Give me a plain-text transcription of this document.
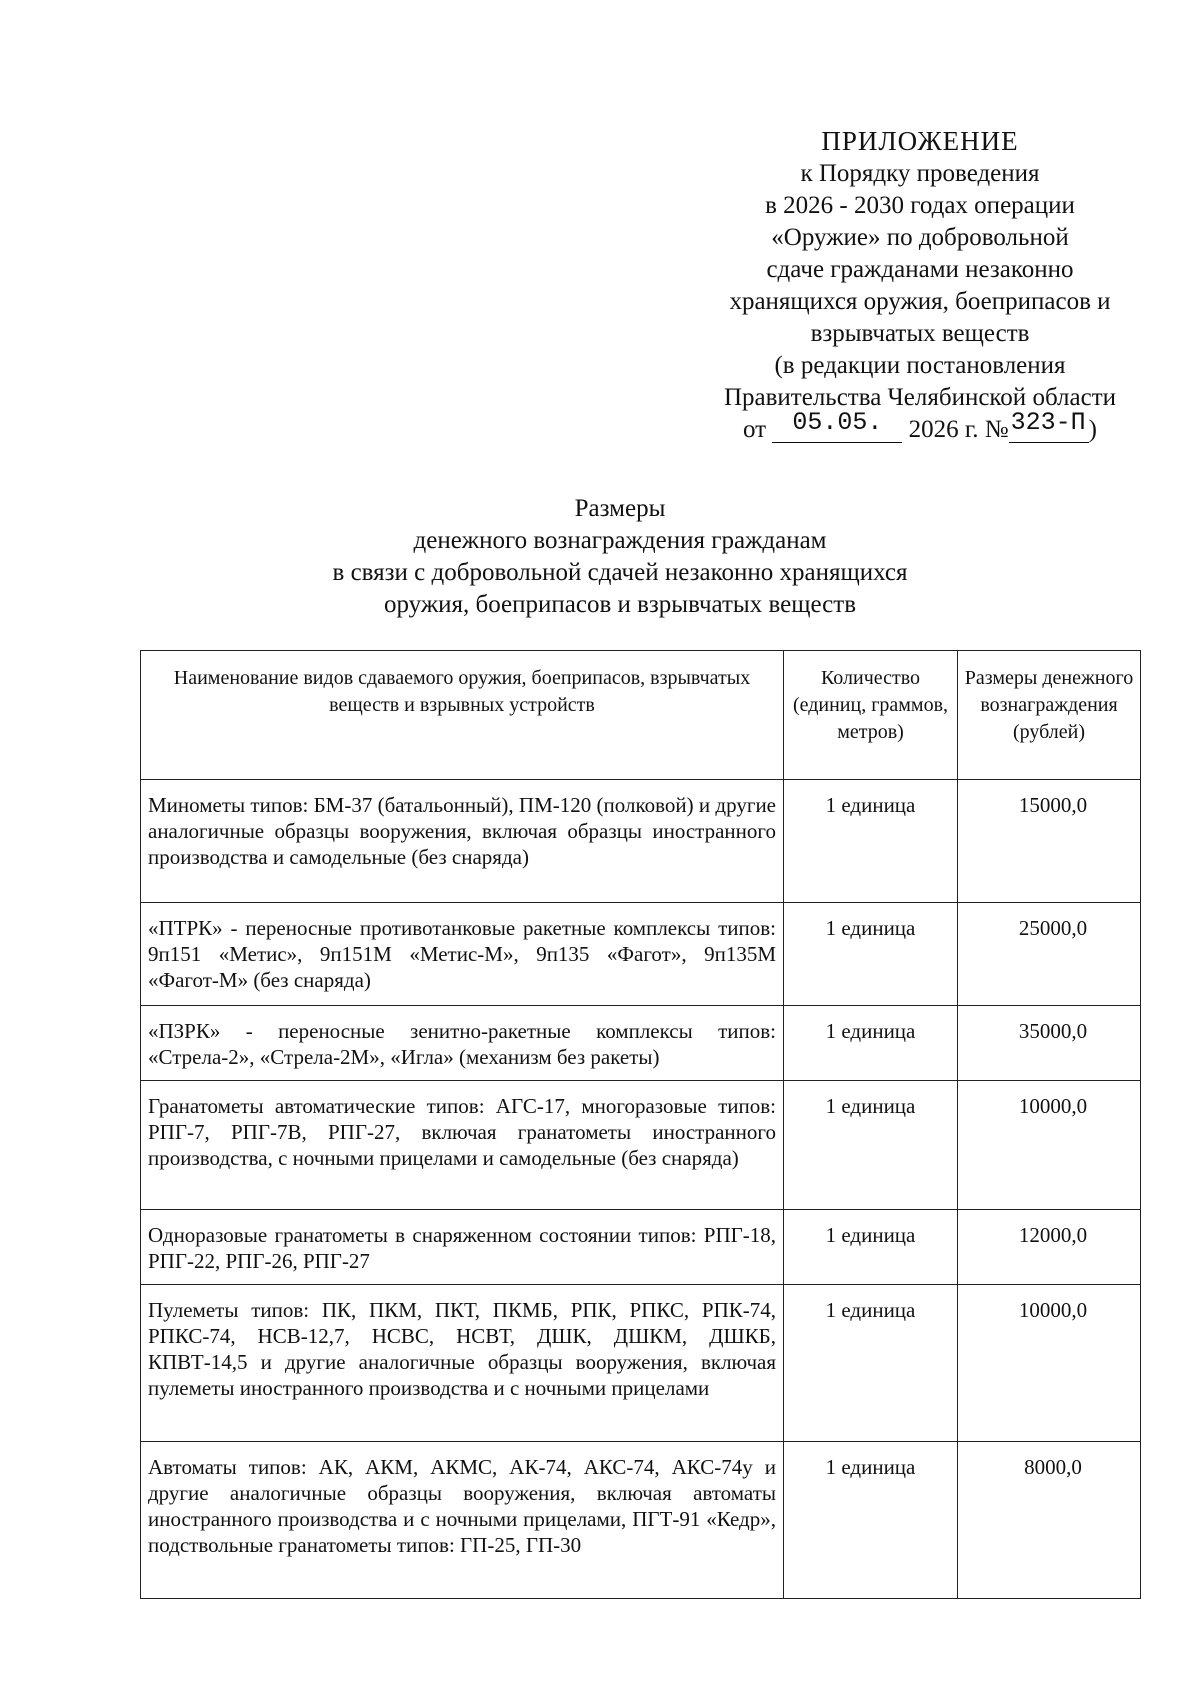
ПРИЛОЖЕНИЕ
к Порядку проведения
в 2026 - 2030 годах операции
«Оружие» по добровольной
сдаче гражданами незаконно
хранящихся оружия, боеприпасов и
взрывчатых веществ
(в редакции постановления
Правительства Челябинской области
от 05.05. 2026 г. №323-П )
Размеры
денежного вознаграждения гражданам
в связи с добровольной сдачей незаконно хранящихся
оружия, боеприпасов и взрывчатых веществ
Наименование видов сдаваемого оружия, боеприпасов, взрывчатых веществ и взрывных устройств	Количество (единиц, граммов, метров)	Размеры денежного вознаграждения (рублей)
Минометы типов: БМ-37 (батальонный), ПМ-120 (полковой) и другие аналогичные образцы вооружения, включая образцы иностранного производства и самодельные (без снаряда)	1 единица	15000,0
«ПТРК» - переносные противотанковые ракетные комплексы типов: 9п151 «Метис», 9п151М «Метис-М», 9п135 «Фагот», 9п135М «Фагот-М» (без снаряда)	1 единица	25000,0
«ПЗРК» - переносные зенитно-ракетные комплексы типов: «Стрела-2», «Стрела-2М», «Игла» (механизм без ракеты)	1 единица	35000,0
Гранатометы автоматические типов: АГС-17, многоразовые типов: РПГ-7, РПГ-7В, РПГ-27, включая гранатометы иностранного производства, с ночными прицелами и самодельные (без снаряда)	1 единица	10000,0
Одноразовые гранатометы в снаряженном состоянии типов: РПГ-18, РПГ-22, РПГ-26, РПГ-27	1 единица	12000,0
Пулеметы типов: ПК, ПКМ, ПКТ, ПКМБ, РПК, РПКС, РПК-74, РПКС-74, НСВ-12,7, НСВС, НСВТ, ДШК, ДШКМ, ДШКБ, КПВТ-14,5 и другие аналогичные образцы вооружения, включая пулеметы иностранного производства и с ночными прицелами	1 единица	10000,0
Автоматы типов: АК, АКМ, АКМС, АК-74, АКС-74, АКС-74у и другие аналогичные образцы вооружения, включая автоматы иностранного производства и с ночными прицелами, ПГТ-91 «Кедр», подствольные гранатометы типов: ГП-25, ГП-30	1 единица	8000,0
